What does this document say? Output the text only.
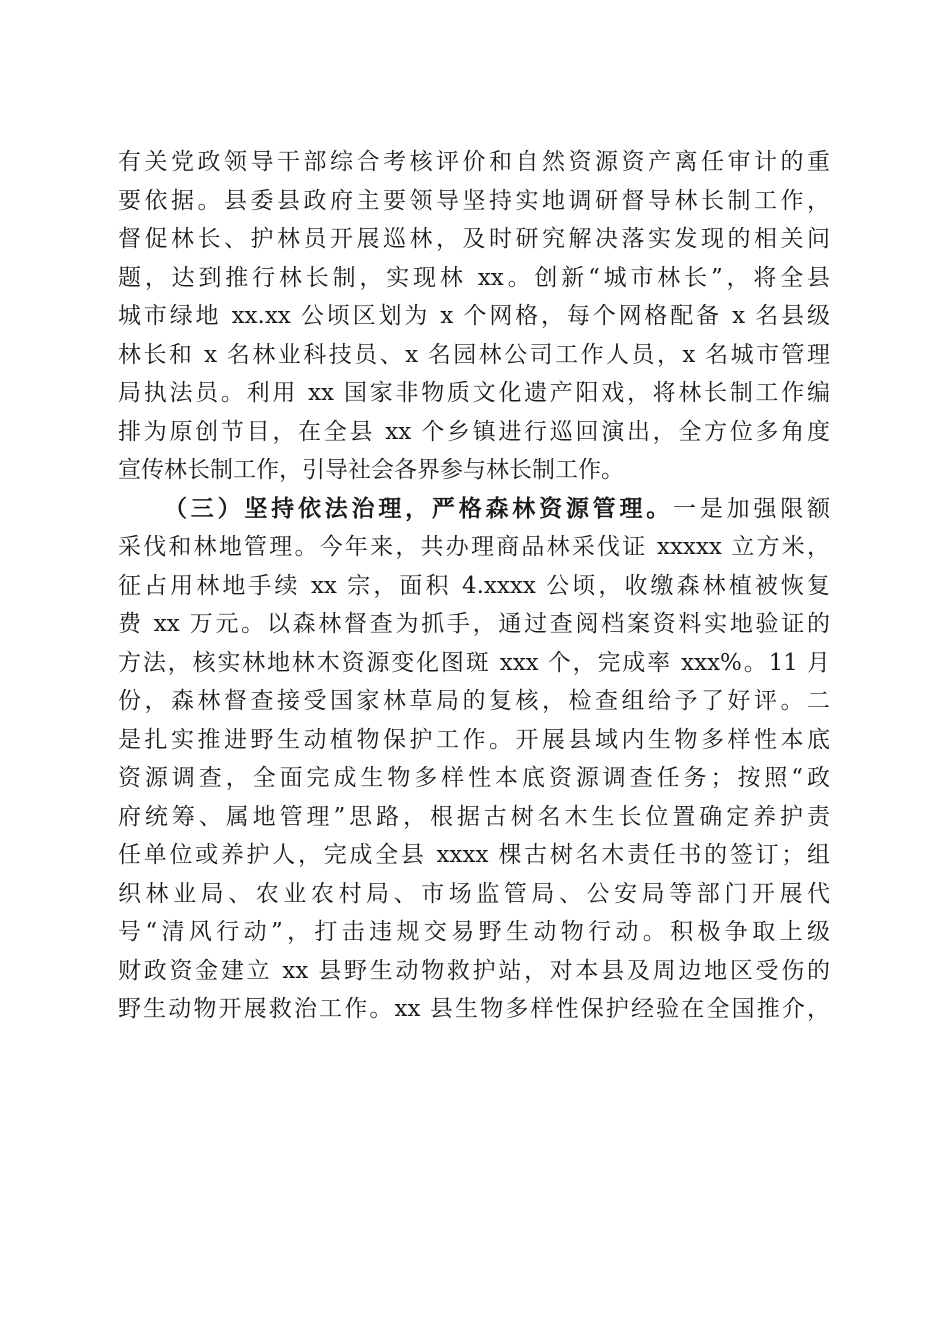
有关党政领导干部综合考核评价和自然资源资产离任审计的重
要依据。县委县政府主要领导坚持实地调研督导林长制工作，
督促林长、护林员开展巡林，及时研究解决落实发现的相关问
题，达到推行林长制，实现林 xx。创新“城市林长”，将全县
城市绿地 xx.xx 公顷区划为 x 个网格，每个网格配备 x 名县级
林长和 x 名林业科技员、x 名园林公司工作人员，x 名城市管理
局执法员。利用 xx 国家非物质文化遗产阳戏，将林长制工作编
排为原创节目，在全县 xx 个乡镇进行巡回演出，全方位多角度
宣传林长制工作，引导社会各界参与林长制工作。
（三）坚持依法治理，严格森林资源管理。一是加强限额
采伐和林地管理。今年来，共办理商品林采伐证 xxxxx 立方米，
征占用林地手续 xx 宗，面积 4.xxxx 公顷，收缴森林植被恢复
费 xx 万元。以森林督查为抓手，通过查阅档案资料实地验证的
方法，核实林地林木资源变化图斑 xxx 个，完成率 xxx%。11 月
份，森林督查接受国家林草局的复核，检查组给予了好评。二
是扎实推进野生动植物保护工作。开展县域内生物多样性本底
资源调查，全面完成生物多样性本底资源调查任务；按照“政
府统筹、属地管理”思路，根据古树名木生长位置确定养护责
任单位或养护人，完成全县 xxxx 棵古树名木责任书的签订；组
织林业局、农业农村局、市场监管局、公安局等部门开展代
号“清风行动”，打击违规交易野生动物行动。积极争取上级
财政资金建立 xx 县野生动物救护站，对本县及周边地区受伤的
野生动物开展救治工作。xx 县生物多样性保护经验在全国推介，
